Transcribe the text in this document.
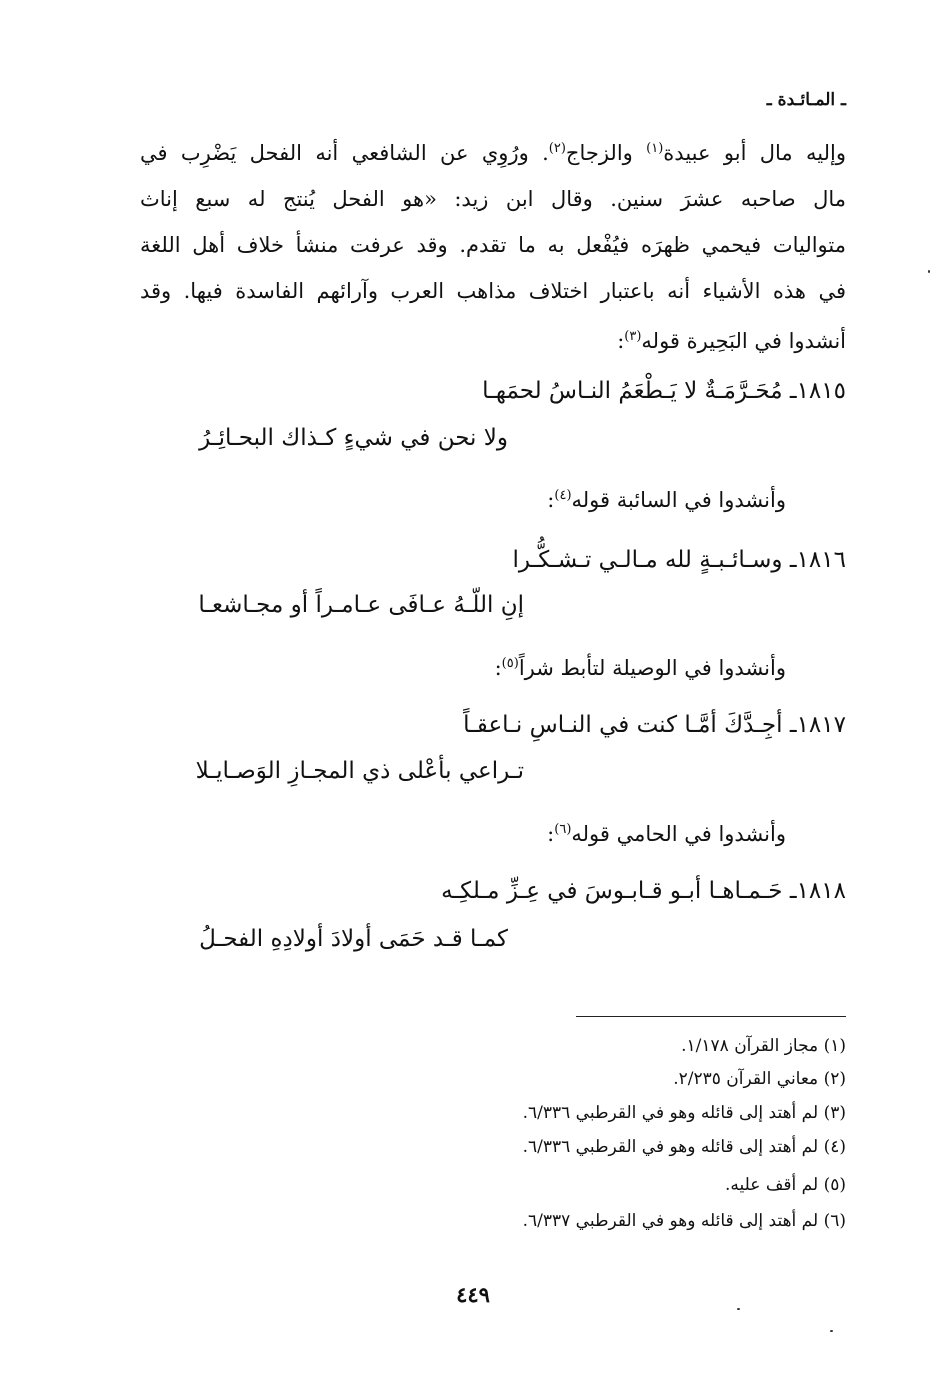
ـ المـائـدة ـ
وإليه مال أبو عبيدة$^{(١)}$ والزجاج$^{(٢)}$. ورُوِي عن الشافعي أنه الفحل يَضْرِب في
مال صاحبه عشرَ سنين. وقال ابن زيد: «هو الفحل يُنتج له سبع إناث
متواليات فيحمي ظهرَه فيُفْعل به ما تقدم. وقد عرفت منشأ خلاف أهل اللغة
في هذه الأشياء أنه باعتبار اختلاف مذاهب العرب وآرائهم الفاسدة فيها. وقد
أنشدوا في البَحِيرة قوله$^{(٣)}$:
١٨١٥ـ مُحَـرَّمَـةٌ لا يَـطْعَمُ النـاسُ لحمَهـا
ولا نحن في شيءٍ كـذاك البحـائِـرُ
وأنشدوا في السائبة قوله$^{(٤)}$:
١٨١٦ـ وسـائـبـةٍ لله مـالـي تـشـكُّـرا
إنِ اللّـهُ عـافَى عـامـراً أو مجـاشعـا
وأنشدوا في الوصيلة لتأبط شراً$^{(٥)}$:
١٨١٧ـ أجِـدَّكَ أمَّـا كنت في النـاسِ نـاعقـاً
تـراعي بأعْلى ذي المجـازِ الوَصـايـلا
وأنشدوا في الحامي قوله$^{(٦)}$:
١٨١٨ـ حَـمـاهـا أبـو قـابـوسَ في عِـزِّ مـلكِـه
كمـا قـد حَمَى أولادَ أولادِهِ الفحـلُ
(١) مجاز القرآن ١/١٧٨.
(٢) معاني القرآن ٢/٢٣٥.
(٣) لم أهتد إلى قائله وهو في القرطبي ٦/٣٣٦.
(٤) لم أهتد إلى قائله وهو في القرطبي ٦/٣٣٦.
(٥) لم أقف عليه.
(٦) لم أهتد إلى قائله وهو في القرطبي ٦/٣٣٧.
٤٤٩
